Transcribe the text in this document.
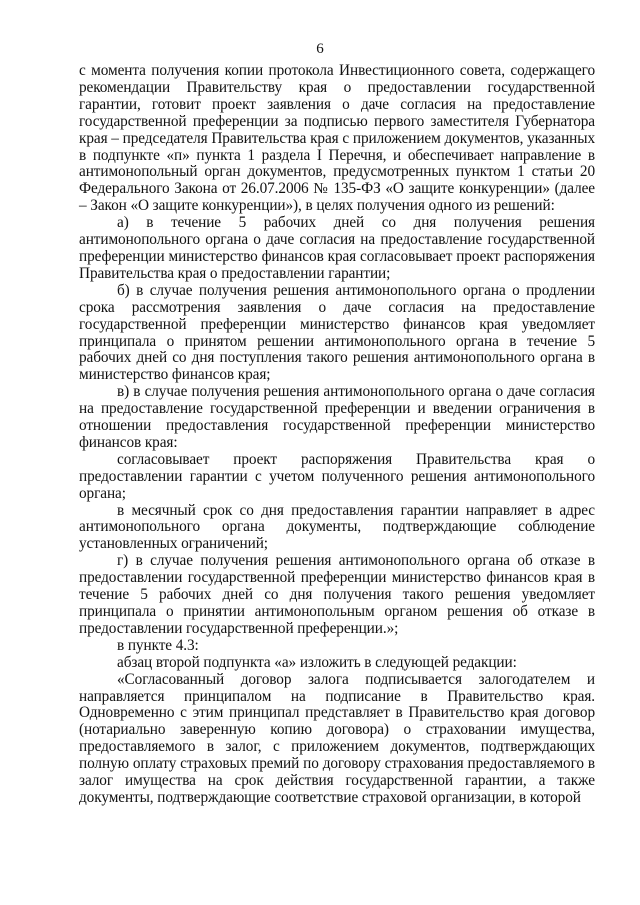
6

с момента получения копии протокола Инвестиционного совета, содержащего рекомендации Правительству края о предоставлении государственной гарантии, готовит проект заявления о даче согласия на предоставление государственной преференции за подписью первого заместителя Губернатора края – председателя Правительства края с приложением документов, указанных в подпункте «п» пункта 1 раздела I Перечня, и обеспечивает направление в антимонопольный орган документов, предусмотренных пунктом 1 статьи 20 Федерального Закона от 26.07.2006 № 135-ФЗ «О защите конкуренции» (далее – Закон «О защите конкуренции»), в целях получения одного из решений:

а) в течение 5 рабочих дней со дня получения решения антимонопольного органа о даче согласия на предоставление государственной преференции министерство финансов края согласовывает проект распоряжения Правительства края о предоставлении гарантии;

б) в случае получения решения антимонопольного органа о продлении срока рассмотрения заявления о даче согласия на предоставление государственной преференции министерство финансов края уведомляет принципала о принятом решении антимонопольного органа в течение 5 рабочих дней со дня поступления такого решения антимонопольного органа в министерство финансов края;

в) в случае получения решения антимонопольного органа о даче согласия на предоставление государственной преференции и введении ограничения в отношении предоставления государственной преференции министерство финансов края:

согласовывает проект распоряжения Правительства края о предоставлении гарантии с учетом полученного решения антимонопольного органа;

в месячный срок со дня предоставления гарантии направляет в адрес антимонопольного органа документы, подтверждающие соблюдение установленных ограничений;

г) в случае получения решения антимонопольного органа об отказе в предоставлении государственной преференции министерство финансов края в течение 5 рабочих дней со дня получения такого решения уведомляет принципала о принятии антимонопольным органом решения об отказе в предоставлении государственной преференции.»;

в пункте 4.3:

абзац второй подпункта «а» изложить в следующей редакции:

«Согласованный договор залога подписывается залогодателем и направляется принципалом на подписание в Правительство края. Одновременно с этим принципал представляет в Правительство края договор (нотариально заверенную копию договора) о страховании имущества, предоставляемого в залог, с приложением документов, подтверждающих полную оплату страховых премий по договору страхования предоставляемого в залог имущества на срок действия государственной гарантии, а также документы, подтверждающие соответствие страховой организации, в которой
